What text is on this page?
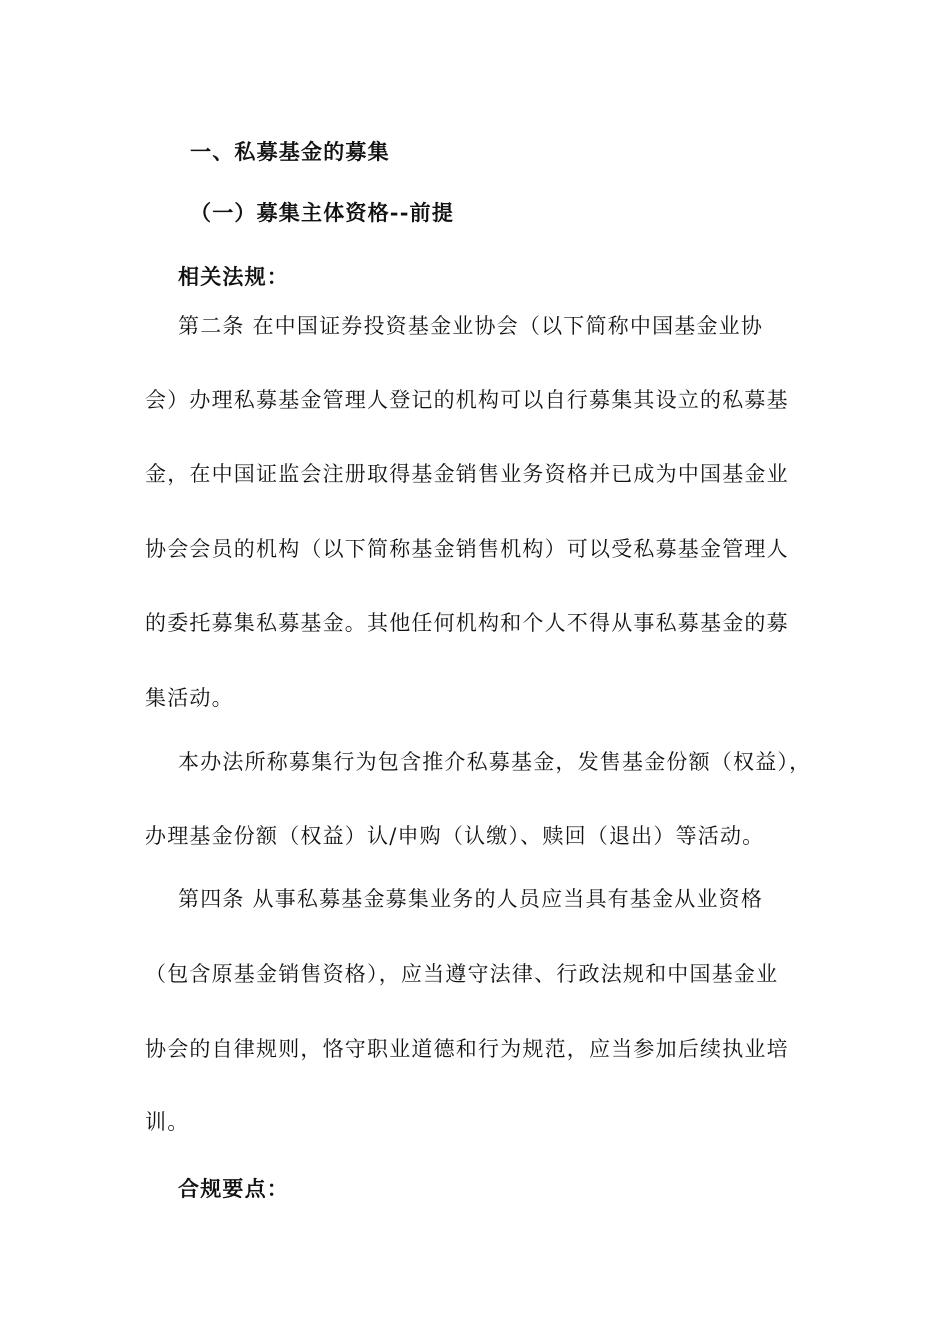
一、私募基金的募集
（一）募集主体资格--前提
相关法规：
第二条 在中国证券投资基金业协会（以下简称中国基金业协
会）办理私募基金管理人登记的机构可以自行募集其设立的私募基
金，在中国证监会注册取得基金销售业务资格并已成为中国基金业
协会会员的机构（以下简称基金销售机构）可以受私募基金管理人
的委托募集私募基金。其他任何机构和个人不得从事私募基金的募
集活动。
本办法所称募集行为包含推介私募基金，发售基金份额（权益），
办理基金份额（权益）认/申购（认缴）、赎回（退出）等活动。
第四条 从事私募基金募集业务的人员应当具有基金从业资格
（包含原基金销售资格），应当遵守法律、行政法规和中国基金业
协会的自律规则，恪守职业道德和行为规范，应当参加后续执业培
训。
合规要点：
